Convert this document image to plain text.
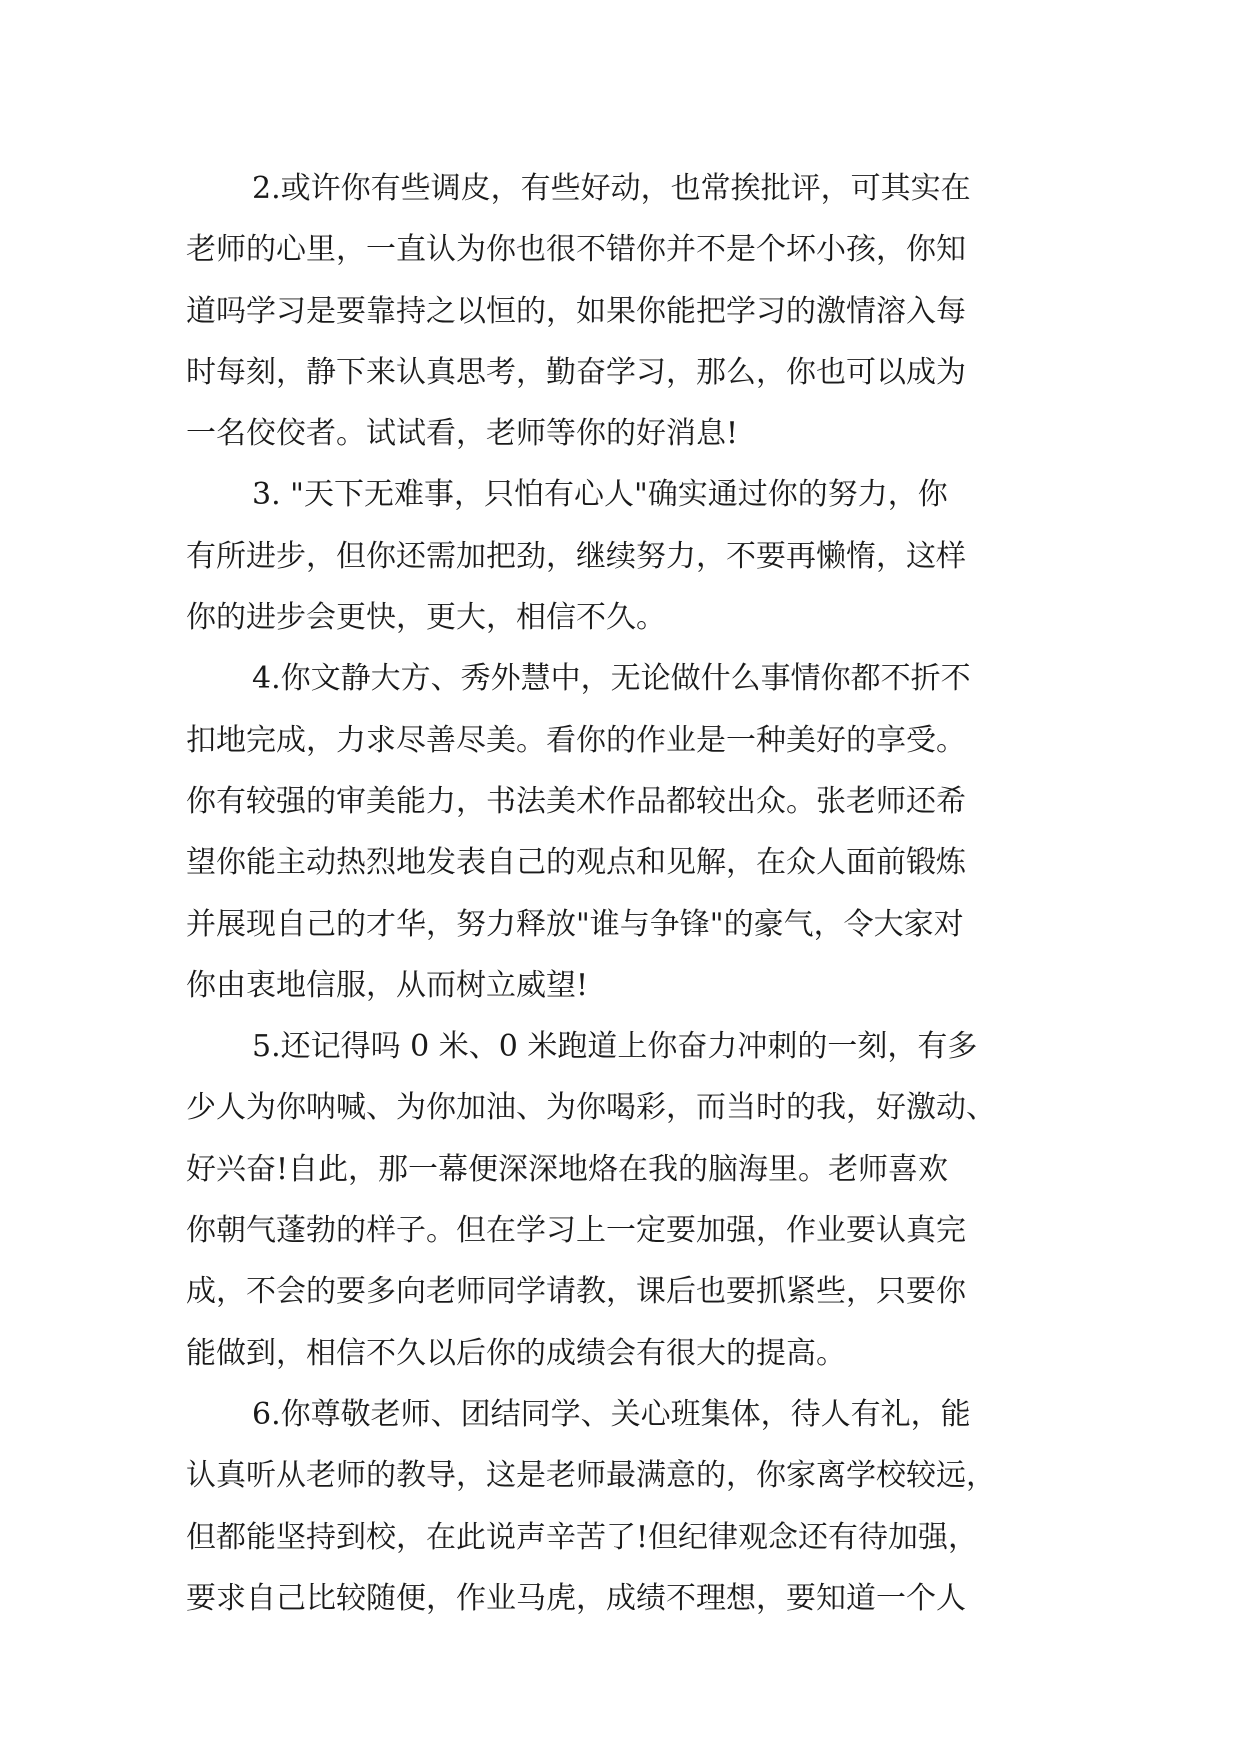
2.或许你有些调皮，有些好动，也常挨批评，可其实在
老师的心里，一直认为你也很不错你并不是个坏小孩，你知
道吗学习是要靠持之以恒的，如果你能把学习的激情溶入每
时每刻，静下来认真思考，勤奋学习，那么，你也可以成为
一名佼佼者。试试看，老师等你的好消息!
3. "天下无难事，只怕有心人"确实通过你的努力，你
有所进步，但你还需加把劲，继续努力，不要再懒惰，这样
你的进步会更快，更大，相信不久。
4.你文静大方、秀外慧中，无论做什么事情你都不折不
扣地完成，力求尽善尽美。看你的作业是一种美好的享受。
你有较强的审美能力，书法美术作品都较出众。张老师还希
望你能主动热烈地发表自己的观点和见解，在众人面前锻炼
并展现自己的才华，努力释放"谁与争锋"的豪气，令大家对
你由衷地信服，从而树立威望!
5.还记得吗 0 米、0 米跑道上你奋力冲刺的一刻，有多
少人为你呐喊、为你加油、为你喝彩，而当时的我，好激动、
好兴奋!自此，那一幕便深深地烙在我的脑海里。老师喜欢
你朝气蓬勃的样子。但在学习上一定要加强，作业要认真完
成，不会的要多向老师同学请教，课后也要抓紧些，只要你
能做到，相信不久以后你的成绩会有很大的提高。
6.你尊敬老师、团结同学、关心班集体，待人有礼，能
认真听从老师的教导，这是老师最满意的，你家离学校较远，
但都能坚持到校，在此说声辛苦了!但纪律观念还有待加强，
要求自己比较随便，作业马虎，成绩不理想，要知道一个人
